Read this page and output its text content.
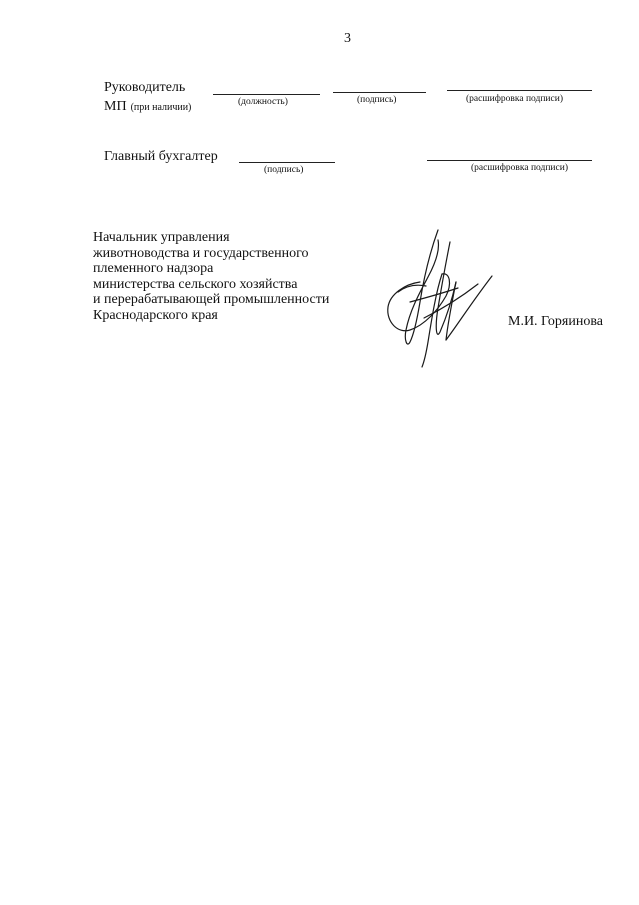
3
Руководитель
МП (при наличии)	(должность)	(подпись)	(расшифровка подписи)
Главный бухгалтер
(подпись)	(расшифровка подписи)
Начальник управления
животноводства и государственного
племенного надзора
министерства сельского хозяйства
и перерабатывающей промышленности
Краснодарского края	М.И. Горяинова
